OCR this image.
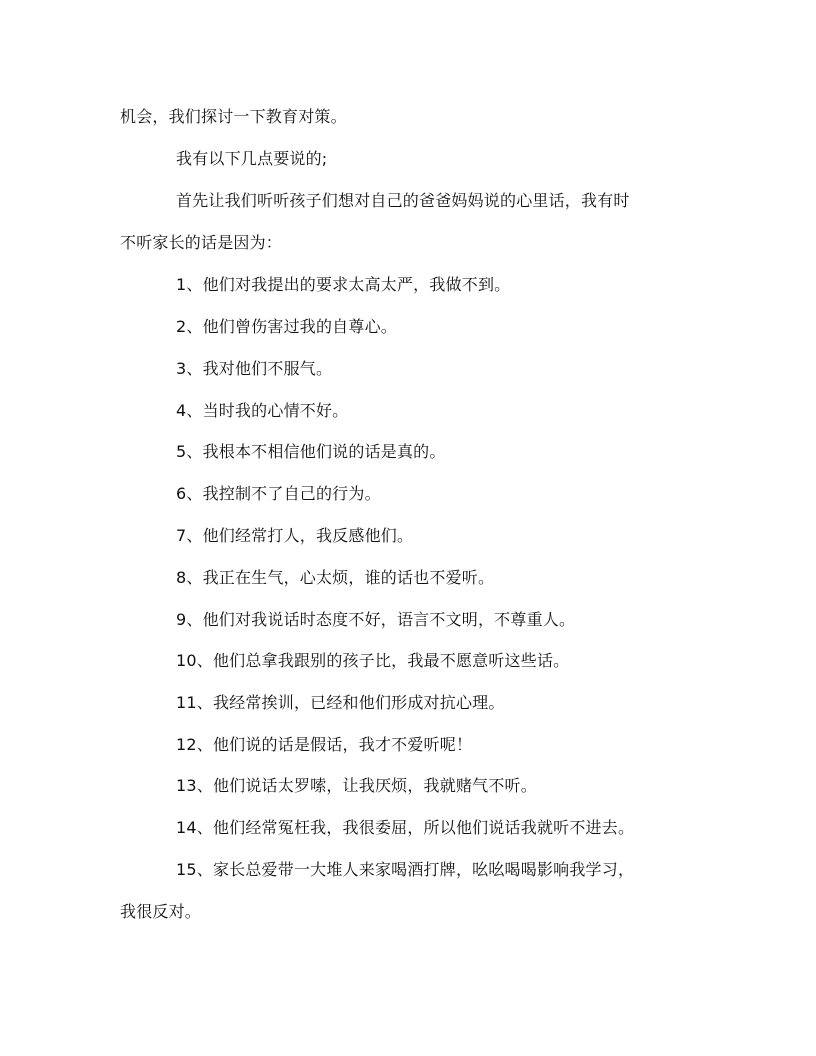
机会，我们探讨一下教育对策。
我有以下几点要说的;
首先让我们听听孩子们想对自己的爸爸妈妈说的心里话，我有时
不听家长的话是因为：
1、他们对我提出的要求太高太严，我做不到。
2、他们曾伤害过我的自尊心。
3、我对他们不服气。
4、当时我的心情不好。
5、我根本不相信他们说的话是真的。
6、我控制不了自己的行为。
7、他们经常打人，我反感他们。
8、我正在生气，心太烦，谁的话也不爱听。
9、他们对我说话时态度不好，语言不文明，不尊重人。
10、他们总拿我跟别的孩子比，我最不愿意听这些话。
11、我经常挨训，已经和他们形成对抗心理。
12、他们说的话是假话，我才不爱听呢！
13、他们说话太罗嗦，让我厌烦，我就赌气不听。
14、他们经常冤枉我，我很委屈，所以他们说话我就听不进去。
15、家长总爱带一大堆人来家喝酒打牌，吆吆喝喝影响我学习，
我很反对。
